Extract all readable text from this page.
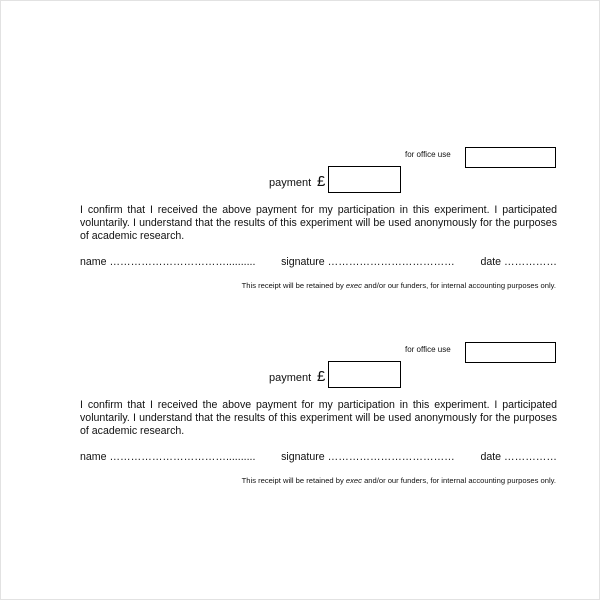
for office use
payment £
I confirm that I received the above payment for my participation in this experiment. I participated voluntarily. I understand that the results of this experiment will be used anonymously for the purposes of academic research.
name …………………………….......... signature ……………………………… date ……………
This receipt will be retained by exec and/or our funders, for internal accounting purposes only.
for office use
payment £
I confirm that I received the above payment for my participation in this experiment. I participated voluntarily. I understand that the results of this experiment will be used anonymously for the purposes of academic research.
name …………………………….......... signature ……………………………… date ……………
This receipt will be retained by exec and/or our funders, for internal accounting purposes only.
